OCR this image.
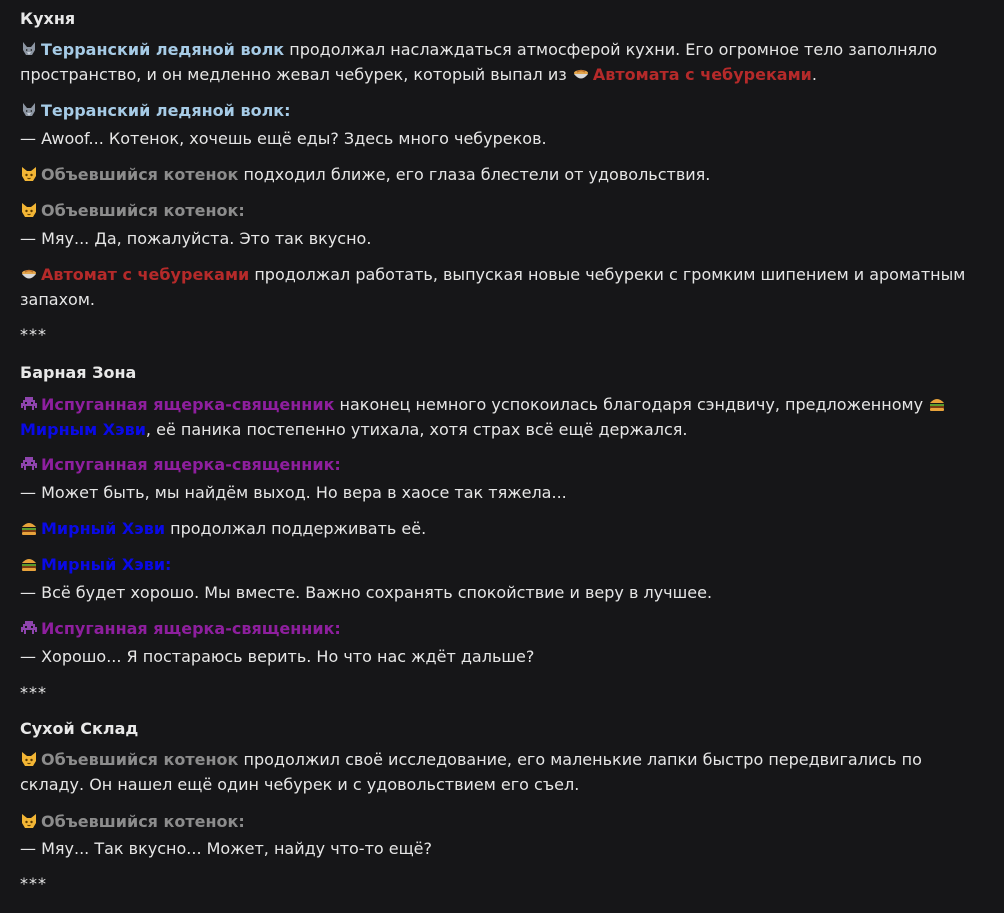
Кухня
Терранский ледяной волк продолжал наслаждаться атмосферой кухни. Его огромное тело заполняло пространство, и он медленно жевал чебурек, который выпал из
Автомата с чебуреками.
Терранский ледяной волк:
— Awoof... Котенок, хочешь ещё еды? Здесь много чебуреков.
Объевшийся котенок подходил ближе, его глаза блестели от удовольствия.
Объевшийся котенок:
— Мяу... Да, пожалуйста. Это так вкусно.
Автомат с чебуреками продолжал работать, выпуская новые чебуреки с громким шипением и ароматным запахом.
***
Барная Зона
Испуганная ящерка-священник наконец немного успокоилась благодаря сэндвичу, предложенному
Мирным Хэви, её паника постепенно утихала, хотя страх всё ещё держался.
Испуганная ящерка-священник:
— Может быть, мы найдём выход. Но вера в хаосе так тяжела...
Мирный Хэви продолжал поддерживать её.
Мирный Хэви:
— Всё будет хорошо. Мы вместе. Важно сохранять спокойствие и веру в лучшее.
Испуганная ящерка-священник:
— Хорошо... Я постараюсь верить. Но что нас ждёт дальше?
***
Сухой Склад
Объевшийся котенок продолжил своё исследование, его маленькие лапки быстро передвигались по складу. Он нашел ещё один чебурек и с удовольствием его съел.
Объевшийся котенок:
— Мяу... Так вкусно... Может, найду что-то ещё?
***
